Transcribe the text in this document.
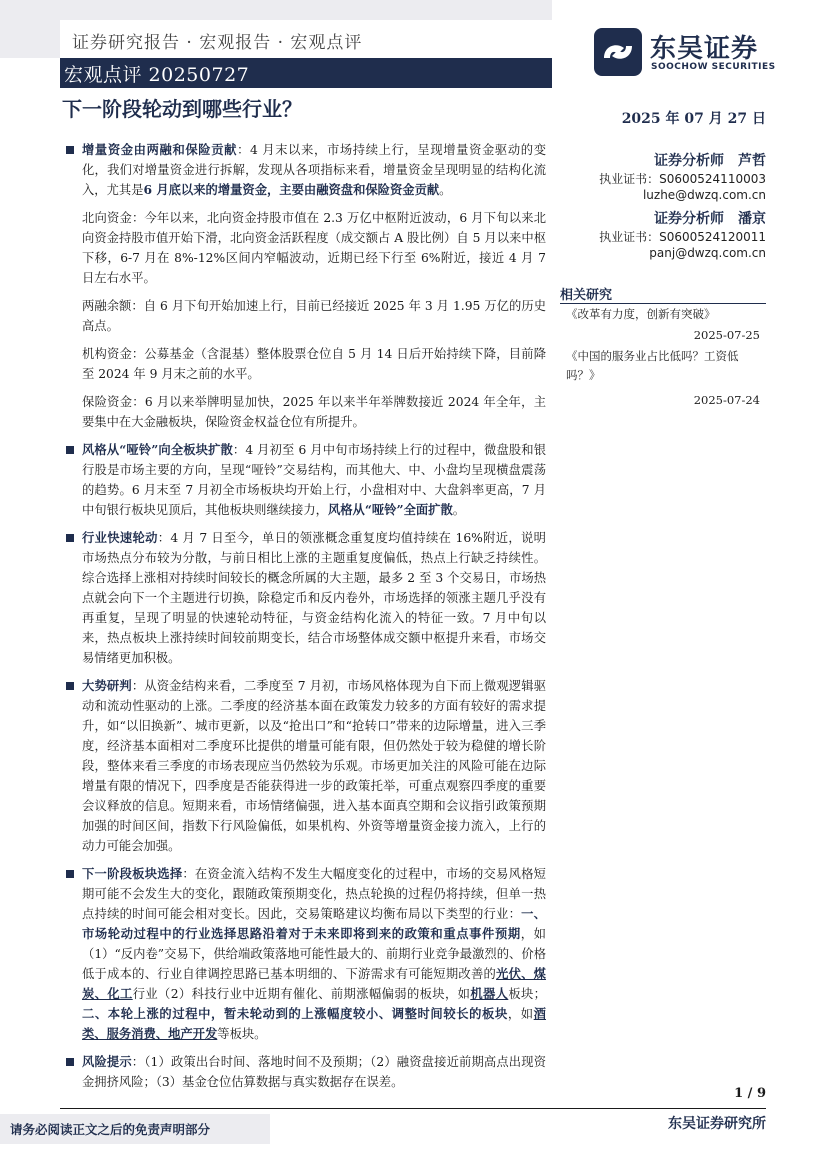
证券研究报告 · 宏观报告 · 宏观点评
宏观点评 20250727
下一阶段轮动到哪些行业？
东吴证券
SOOCHOW SECURITIES
2025 年 07 月 27 日
证券分析师　芦哲
执业证书：S0600524110003
luzhe@dwzq.com.cn
证券分析师　潘京
执业证书：S0600524120011
panj@dwzq.com.cn
相关研究
《改革有力度，创新有突破》
2025-07-25
《中国的服务业占比低吗？工资低吗？》
2025-07-24

增量资金由两融和保险贡献：4 月末以来，市场持续上行，呈现增量资金驱动的变化，我们对增量资金进行拆解，发现从各项指标来看，增量资金呈现明显的结构化流入，尤其是6 月底以来的增量资金，主要由融资盘和保险资金贡献。

北向资金：今年以来，北向资金持股市值在 2.3 万亿中枢附近波动，6 月下旬以来北向资金持股市值开始下滑，北向资金活跃程度（成交额占 A 股比例）自 5 月以来中枢下移，6-7 月在 8%-12%区间内窄幅波动，近期已经下行至 6%附近，接近 4 月 7 日左右水平。

两融余额：自 6 月下旬开始加速上行，目前已经接近 2025 年 3 月 1.95 万亿的历史高点。

机构资金：公募基金（含混基）整体股票仓位自 5 月 14 日后开始持续下降，目前降至 2024 年 9 月末之前的水平。

保险资金：6 月以来举牌明显加快，2025 年以来半年举牌数接近 2024 年全年，主要集中在大金融板块，保险资金权益仓位有所提升。

风格从“哑铃”向全板块扩散：4 月初至 6 月中旬市场持续上行的过程中，微盘股和银行股是市场主要的方向，呈现“哑铃”交易结构，而其他大、中、小盘均呈现横盘震荡的趋势。6 月末至 7 月初全市场板块均开始上行，小盘相对中、大盘斜率更高，7 月中旬银行板块见顶后，其他板块则继续接力，风格从“哑铃”全面扩散。

行业快速轮动：4 月 7 日至今，单日的领涨概念重复度均值持续在 16%附近，说明市场热点分布较为分散，与前日相比上涨的主题重复度偏低，热点上行缺乏持续性。综合选择上涨相对持续时间较长的概念所属的大主题，最多 2 至 3 个交易日，市场热点就会向下一个主题进行切换，除稳定币和反内卷外，市场选择的领涨主题几乎没有再重复，呈现了明显的快速轮动特征，与资金结构化流入的特征一致。7 月中旬以来，热点板块上涨持续时间较前期变长，结合市场整体成交额中枢提升来看，市场交易情绪更加积极。

大势研判：从资金结构来看，二季度至 7 月初，市场风格体现为自下而上微观逻辑驱动和流动性驱动的上涨。二季度的经济基本面在政策发力较多的方面有较好的需求提升，如“以旧换新”、城市更新，以及“抢出口”和“抢转口”带来的边际增量，进入三季度，经济基本面相对二季度环比提供的增量可能有限，但仍然处于较为稳健的增长阶段，整体来看三季度的市场表现应当仍然较为乐观。市场更加关注的风险可能在边际增量有限的情况下，四季度是否能获得进一步的政策托举，可重点观察四季度的重要会议释放的信息。短期来看，市场情绪偏强，进入基本面真空期和会议指引政策预期加强的时间区间，指数下行风险偏低，如果机构、外资等增量资金接力流入，上行的动力可能会加强。

下一阶段板块选择：在资金流入结构不发生大幅度变化的过程中，市场的交易风格短期可能不会发生大的变化，跟随政策预期变化，热点轮换的过程仍将持续，但单一热点持续的时间可能会相对变长。因此，交易策略建议均衡布局以下类型的行业：一、市场轮动过程中的行业选择思路沿着对于未来即将到来的政策和重点事件预期，如（1）“反内卷”交易下，供给端政策落地可能性最大的、前期行业竞争最激烈的、价格低于成本的、行业自律调控思路已基本明细的、下游需求有可能短期改善的光伏、煤炭、化工行业（2）科技行业中近期有催化、前期涨幅偏弱的板块，如机器人板块；二、本轮上涨的过程中，暂未轮动到的上涨幅度较小、调整时间较长的板块，如酒类、服务消费、地产开发等板块。

风险提示：（1）政策出台时间、落地时间不及预期；（2）融资盘接近前期高点出现资金拥挤风险；（3）基金仓位估算数据与真实数据存在误差。

1 / 9
请务必阅读正文之后的免责声明部分	东吴证券研究所
